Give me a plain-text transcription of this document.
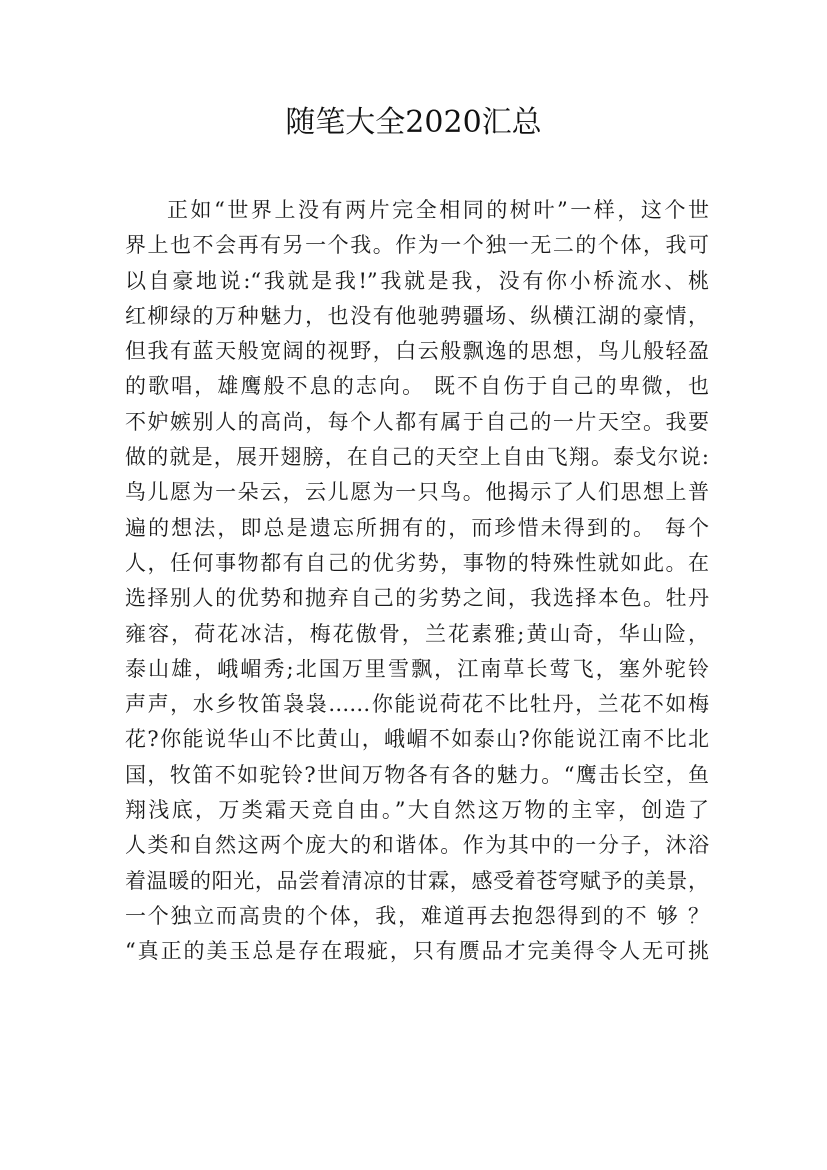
随笔大全2020汇总
正如“世界上没有两片完全相同的树叶”一样，这个世
界上也不会再有另一个我。作为一个独一无二的个体，我可
以自豪地说:“我就是我!”我就是我，没有你小桥流水、桃
红柳绿的万种魅力，也没有他驰骋疆场、纵横江湖的豪情，
但我有蓝天般宽阔的视野，白云般飘逸的思想，鸟儿般轻盈
的歌唱，雄鹰般不息的志向。 既不自伤于自己的卑微，也
不妒嫉别人的高尚，每个人都有属于自己的一片天空。我要
做的就是，展开翅膀，在自己的天空上自由飞翔。泰戈尔说:
鸟儿愿为一朵云，云儿愿为一只鸟。他揭示了人们思想上普
遍的想法，即总是遗忘所拥有的，而珍惜未得到的。 每个
人，任何事物都有自己的优劣势，事物的特殊性就如此。在
选择别人的优势和抛弃自己的劣势之间，我选择本色。牡丹
雍容，荷花冰洁，梅花傲骨，兰花素雅;黄山奇，华山险，
泰山雄，峨嵋秀;北国万里雪飘，江南草长莺飞，塞外驼铃
声声，水乡牧笛袅袅……你能说荷花不比牡丹，兰花不如梅
花?你能说华山不比黄山，峨嵋不如泰山?你能说江南不比北
国，牧笛不如驼铃?世间万物各有各的魅力。“鹰击长空，鱼
翔浅底，万类霜天竞自由。”大自然这万物的主宰，创造了
人类和自然这两个庞大的和谐体。作为其中的一分子，沐浴
着温暖的阳光，品尝着清凉的甘霖，感受着苍穹赋予的美景，
一个独立而高贵的个体，我，难道再去抱怨得到的不 够 ？
“真正的美玉总是存在瑕疵，只有赝品才完美得令人无可挑
